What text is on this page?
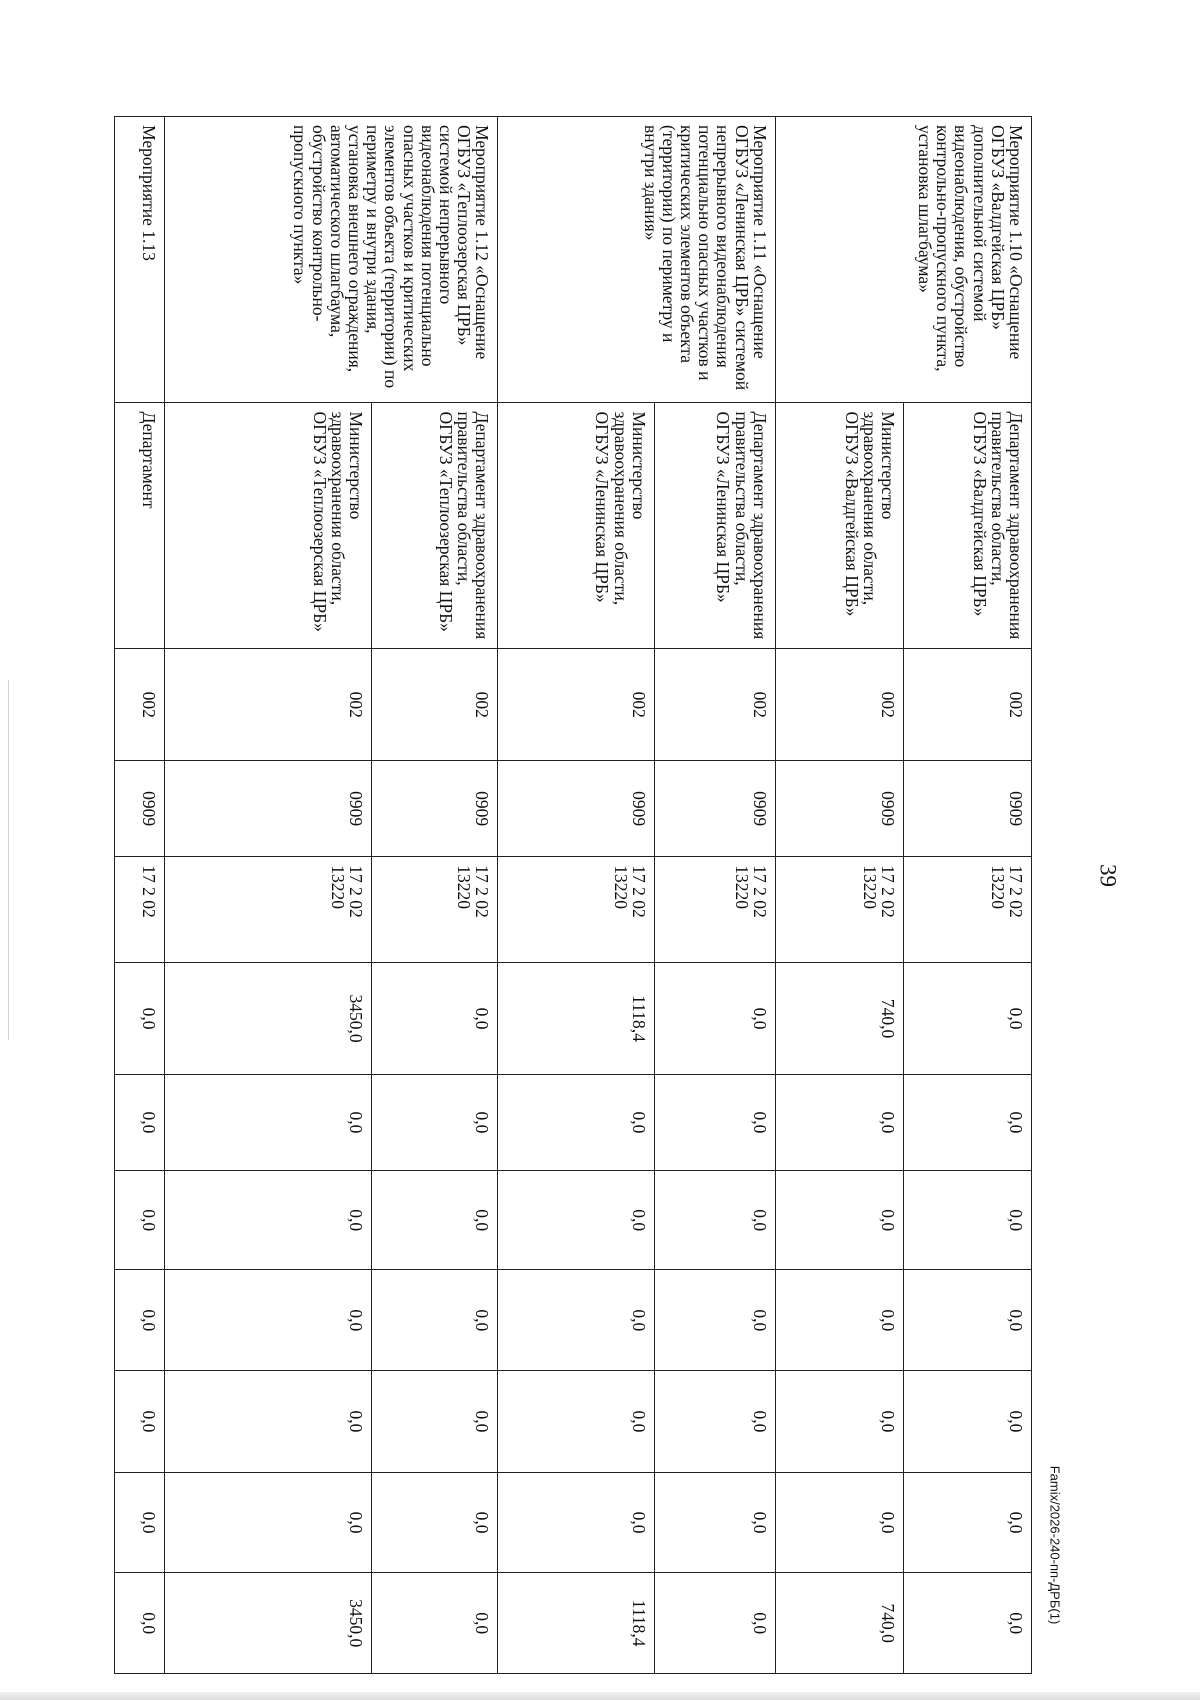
39
Famix/2026-240-пп-ДРБ(1)
Мероприятие 1.10 «Оснащение ОГБУЗ «Валдгейская ЦРБ» дополнительной системой видеонаблюдения, обустройство контрольно-пропускного пункта, установка шлагбаума»	Департамент здравоохранения правительства области, ОГБУЗ «Валдгейская ЦРБ»	002	0909	17 2 02 13220	0,0	0,0	0,0	0,0	0,0	0,0	0,0
	Министерство здравоохранения области, ОГБУЗ «Валдгейская ЦРБ»	002	0909	17 2 02 13220	740,0	0,0	0,0	0,0	0,0	0,0	740,0
Мероприятие 1.11 «Оснащение ОГБУЗ «Ленинская ЦРБ» системой непрерывного видеонаблюдения потенциально опасных участков и критических элементов объекта (территории) по периметру и внутри здания»	Департамент здравоохранения правительства области, ОГБУЗ «Ленинская ЦРБ»	002	0909	17 2 02 13220	0,0	0,0	0,0	0,0	0,0	0,0	0,0
	Министерство здравоохранения области, ОГБУЗ «Ленинская ЦРБ»	002	0909	17 2 02 13220	1118,4	0,0	0,0	0,0	0,0	0,0	1118,4
Мероприятие 1.12 «Оснащение ОГБУЗ «Теплоозерская ЦРБ» системой непрерывного видеонаблюдения потенциально опасных участков и критических элементов объекта (территории) по периметру и внутри здания, установка внешнего ограждения, автоматического шлагбаума, обустройство контрольно-пропускного пункта»	Департамент здравоохранения правительства области, ОГБУЗ «Теплоозерская ЦРБ»	002	0909	17 2 02 13220	0,0	0,0	0,0	0,0	0,0	0,0	0,0
	Министерство здравоохранения области, ОГБУЗ «Теплоозерская ЦРБ»	002	0909	17 2 02 13220	3450,0	0,0	0,0	0,0	0,0	0,0	3450,0
Мероприятие 1.13	Департамент	002	0909	17 2 02	0,0	0,0	0,0	0,0	0,0	0,0	0,0
